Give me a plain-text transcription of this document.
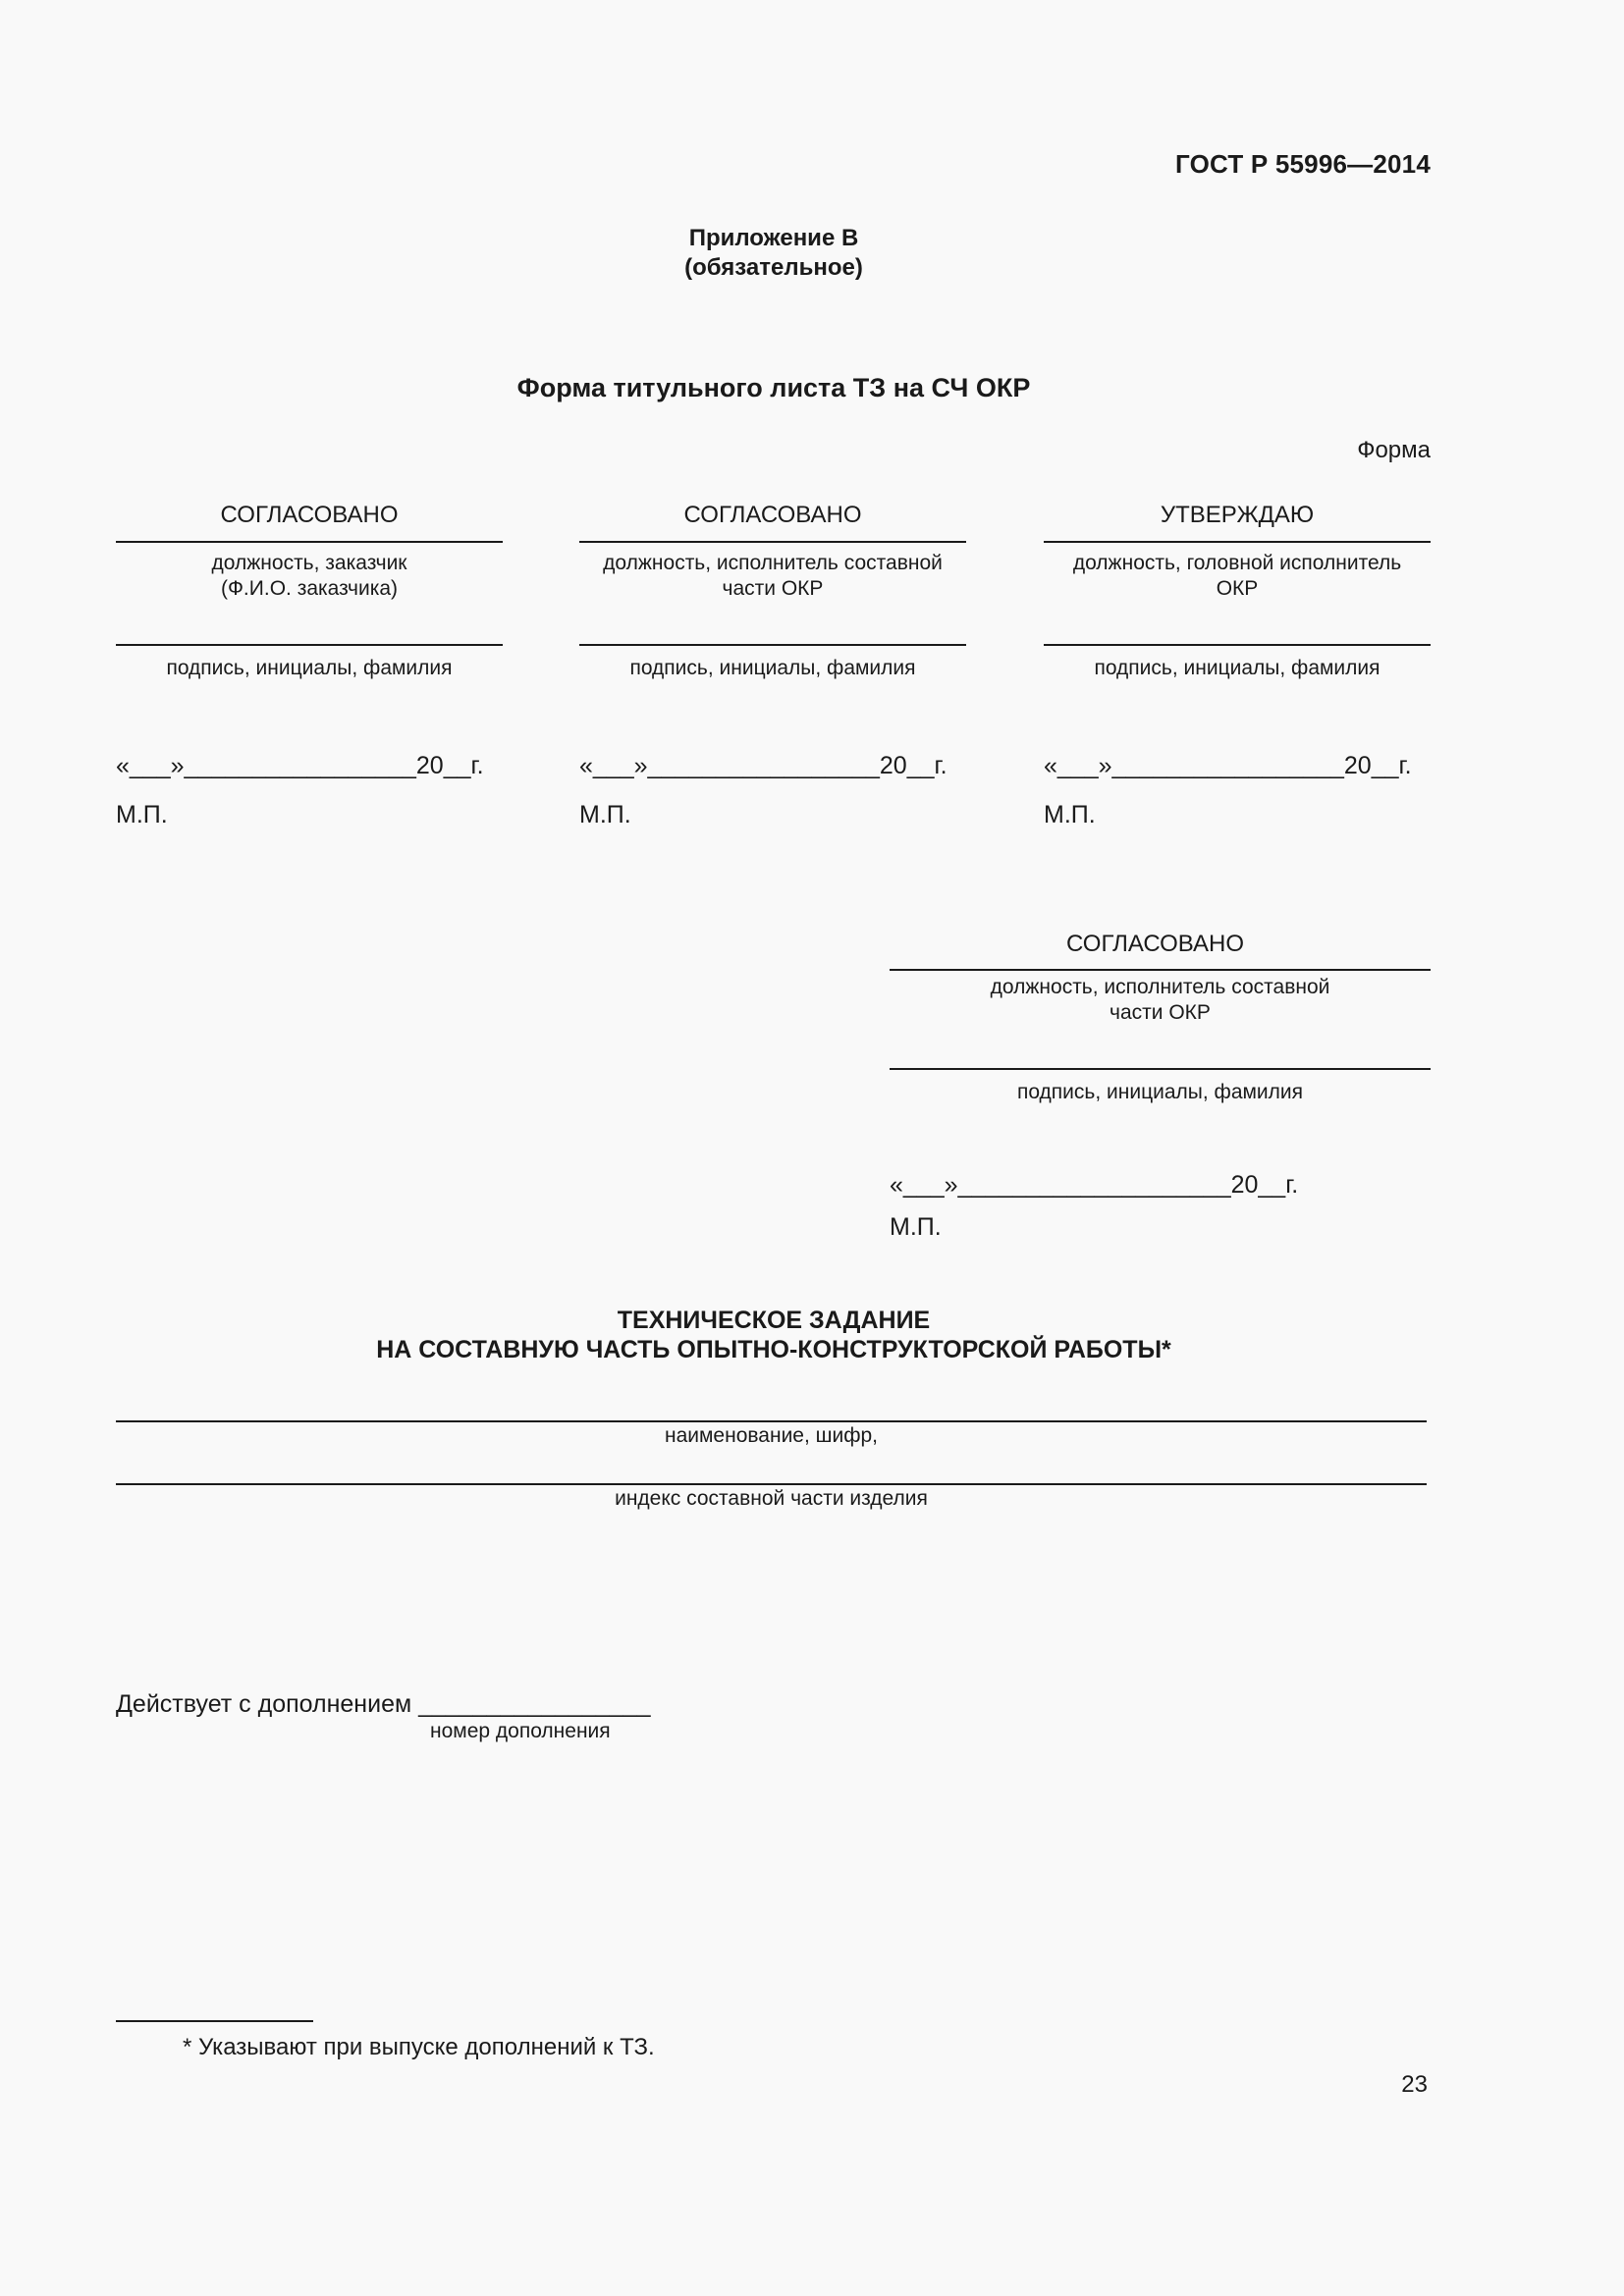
ГОСТ Р 55996—2014
Приложение В
(обязательное)
Форма титульного листа ТЗ на СЧ ОКР
Форма
СОГЛАСОВАНО
должность, заказчик
(Ф.И.О. заказчика)
подпись, инициалы, фамилия
«___»_________________20__г.
М.П.
СОГЛАСОВАНО
должность, исполнитель составной
части ОКР
подпись, инициалы, фамилия
«___»_________________20__г.
М.П.
УТВЕРЖДАЮ
должность, головной исполнитель
ОКР
подпись, инициалы, фамилия
«___»_________________20__г.
М.П.
СОГЛАСОВАНО
должность, исполнитель составной
части ОКР
подпись, инициалы, фамилия
«___»____________________20__г.
М.П.
ТЕХНИЧЕСКОЕ ЗАДАНИЕ
НА СОСТАВНУЮ ЧАСТЬ ОПЫТНО-КОНСТРУКТОРСКОЙ РАБОТЫ*
наименование, шифр,
индекс составной части изделия
Действует с дополнением _________________
номер дополнения
* Указывают при выпуске дополнений к ТЗ.
23
